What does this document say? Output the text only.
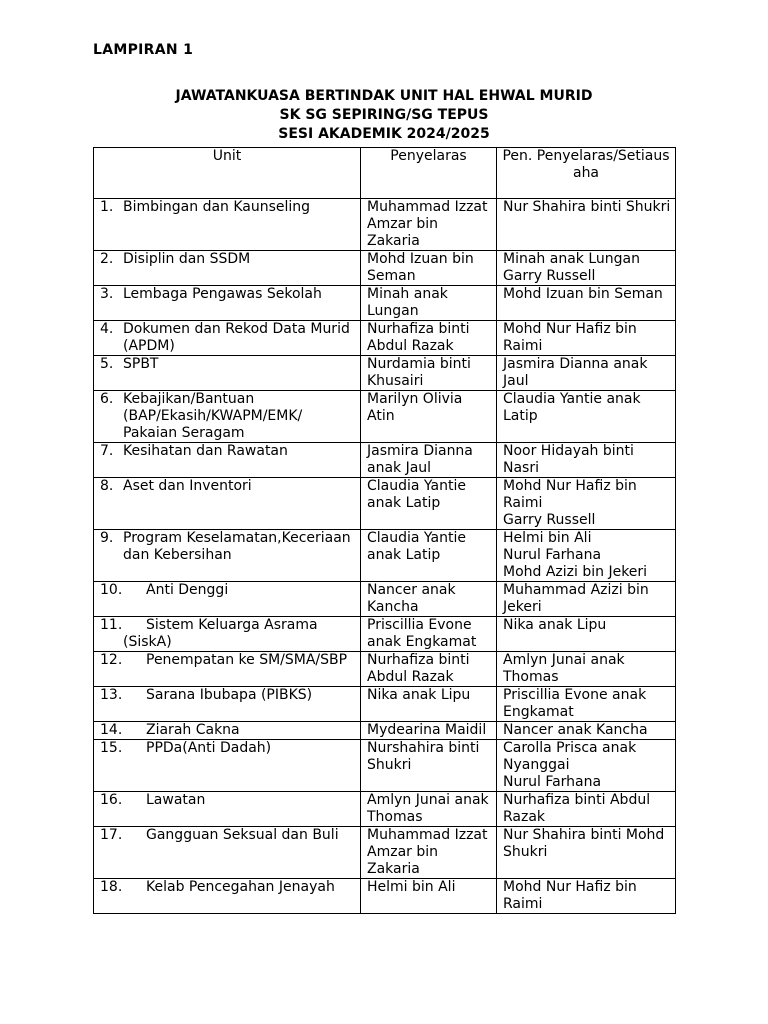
LAMPIRAN 1
JAWATANKUASA BERTINDAK UNIT HAL EHWAL MURID
SK SG SEPIRING/SG TEPUS
SESI AKADEMIK 2024/2025
Unit	Penyelaras	Pen. Penyelaras/Setiausaha

1. Bimbingan dan Kaunseling	Muhammad Izzat Amzar bin Zakaria	Nur Shahira binti Shukri

2. Disiplin dan SSDM	Mohd Izuan bin Seman	Minah anak Lungan
Garry Russell

3. Lembaga Pengawas Sekolah	Minah anak Lungan	Mohd Izuan bin Seman

4. Dokumen dan Rekod Data Murid (APDM)	Nurhafiza binti Abdul Razak	Mohd Nur Hafiz bin Raimi

5. SPBT	Nurdamia binti Khusairi	Jasmira Dianna anak Jaul

6. Kebajikan/Bantuan (BAP/Ekasih/KWAPM/EMK/ Pakaian Seragam	Marilyn Olivia Atin	Claudia Yantie anak Latip

7. Kesihatan dan Rawatan	Jasmira Dianna anak Jaul	Noor Hidayah binti Nasri

8. Aset dan Inventori	Claudia Yantie anak Latip	Mohd Nur Hafiz bin Raimi
Garry Russell

9. Program Keselamatan,Keceriaan dan Kebersihan	Claudia Yantie anak Latip	Helmi bin Ali
Nurul Farhana
Mohd Azizi bin Jekeri

10. Anti Denggi	Nancer anak Kancha	Muhammad Azizi bin Jekeri

11. Sistem Keluarga Asrama (SiskA)	Priscillia Evone anak Engkamat	Nika anak Lipu

12. Penempatan ke SM/SMA/SBP	Nurhafiza binti Abdul Razak	Amlyn Junai anak Thomas

13. Sarana Ibubapa (PIBKS)	Nika anak Lipu	Priscillia Evone anak Engkamat

14. Ziarah Cakna	Mydearina Maidil	Nancer anak Kancha

15. PPDa(Anti Dadah)	Nurshahira binti Shukri	Carolla Prisca anak Nyanggai
Nurul Farhana

16. Lawatan	Amlyn Junai anak Thomas	Nurhafiza binti Abdul Razak

17. Gangguan Seksual dan Buli	Muhammad Izzat Amzar bin Zakaria	Nur Shahira binti Mohd Shukri

18. Kelab Pencegahan Jenayah	Helmi bin Ali	Mohd Nur Hafiz bin Raimi
